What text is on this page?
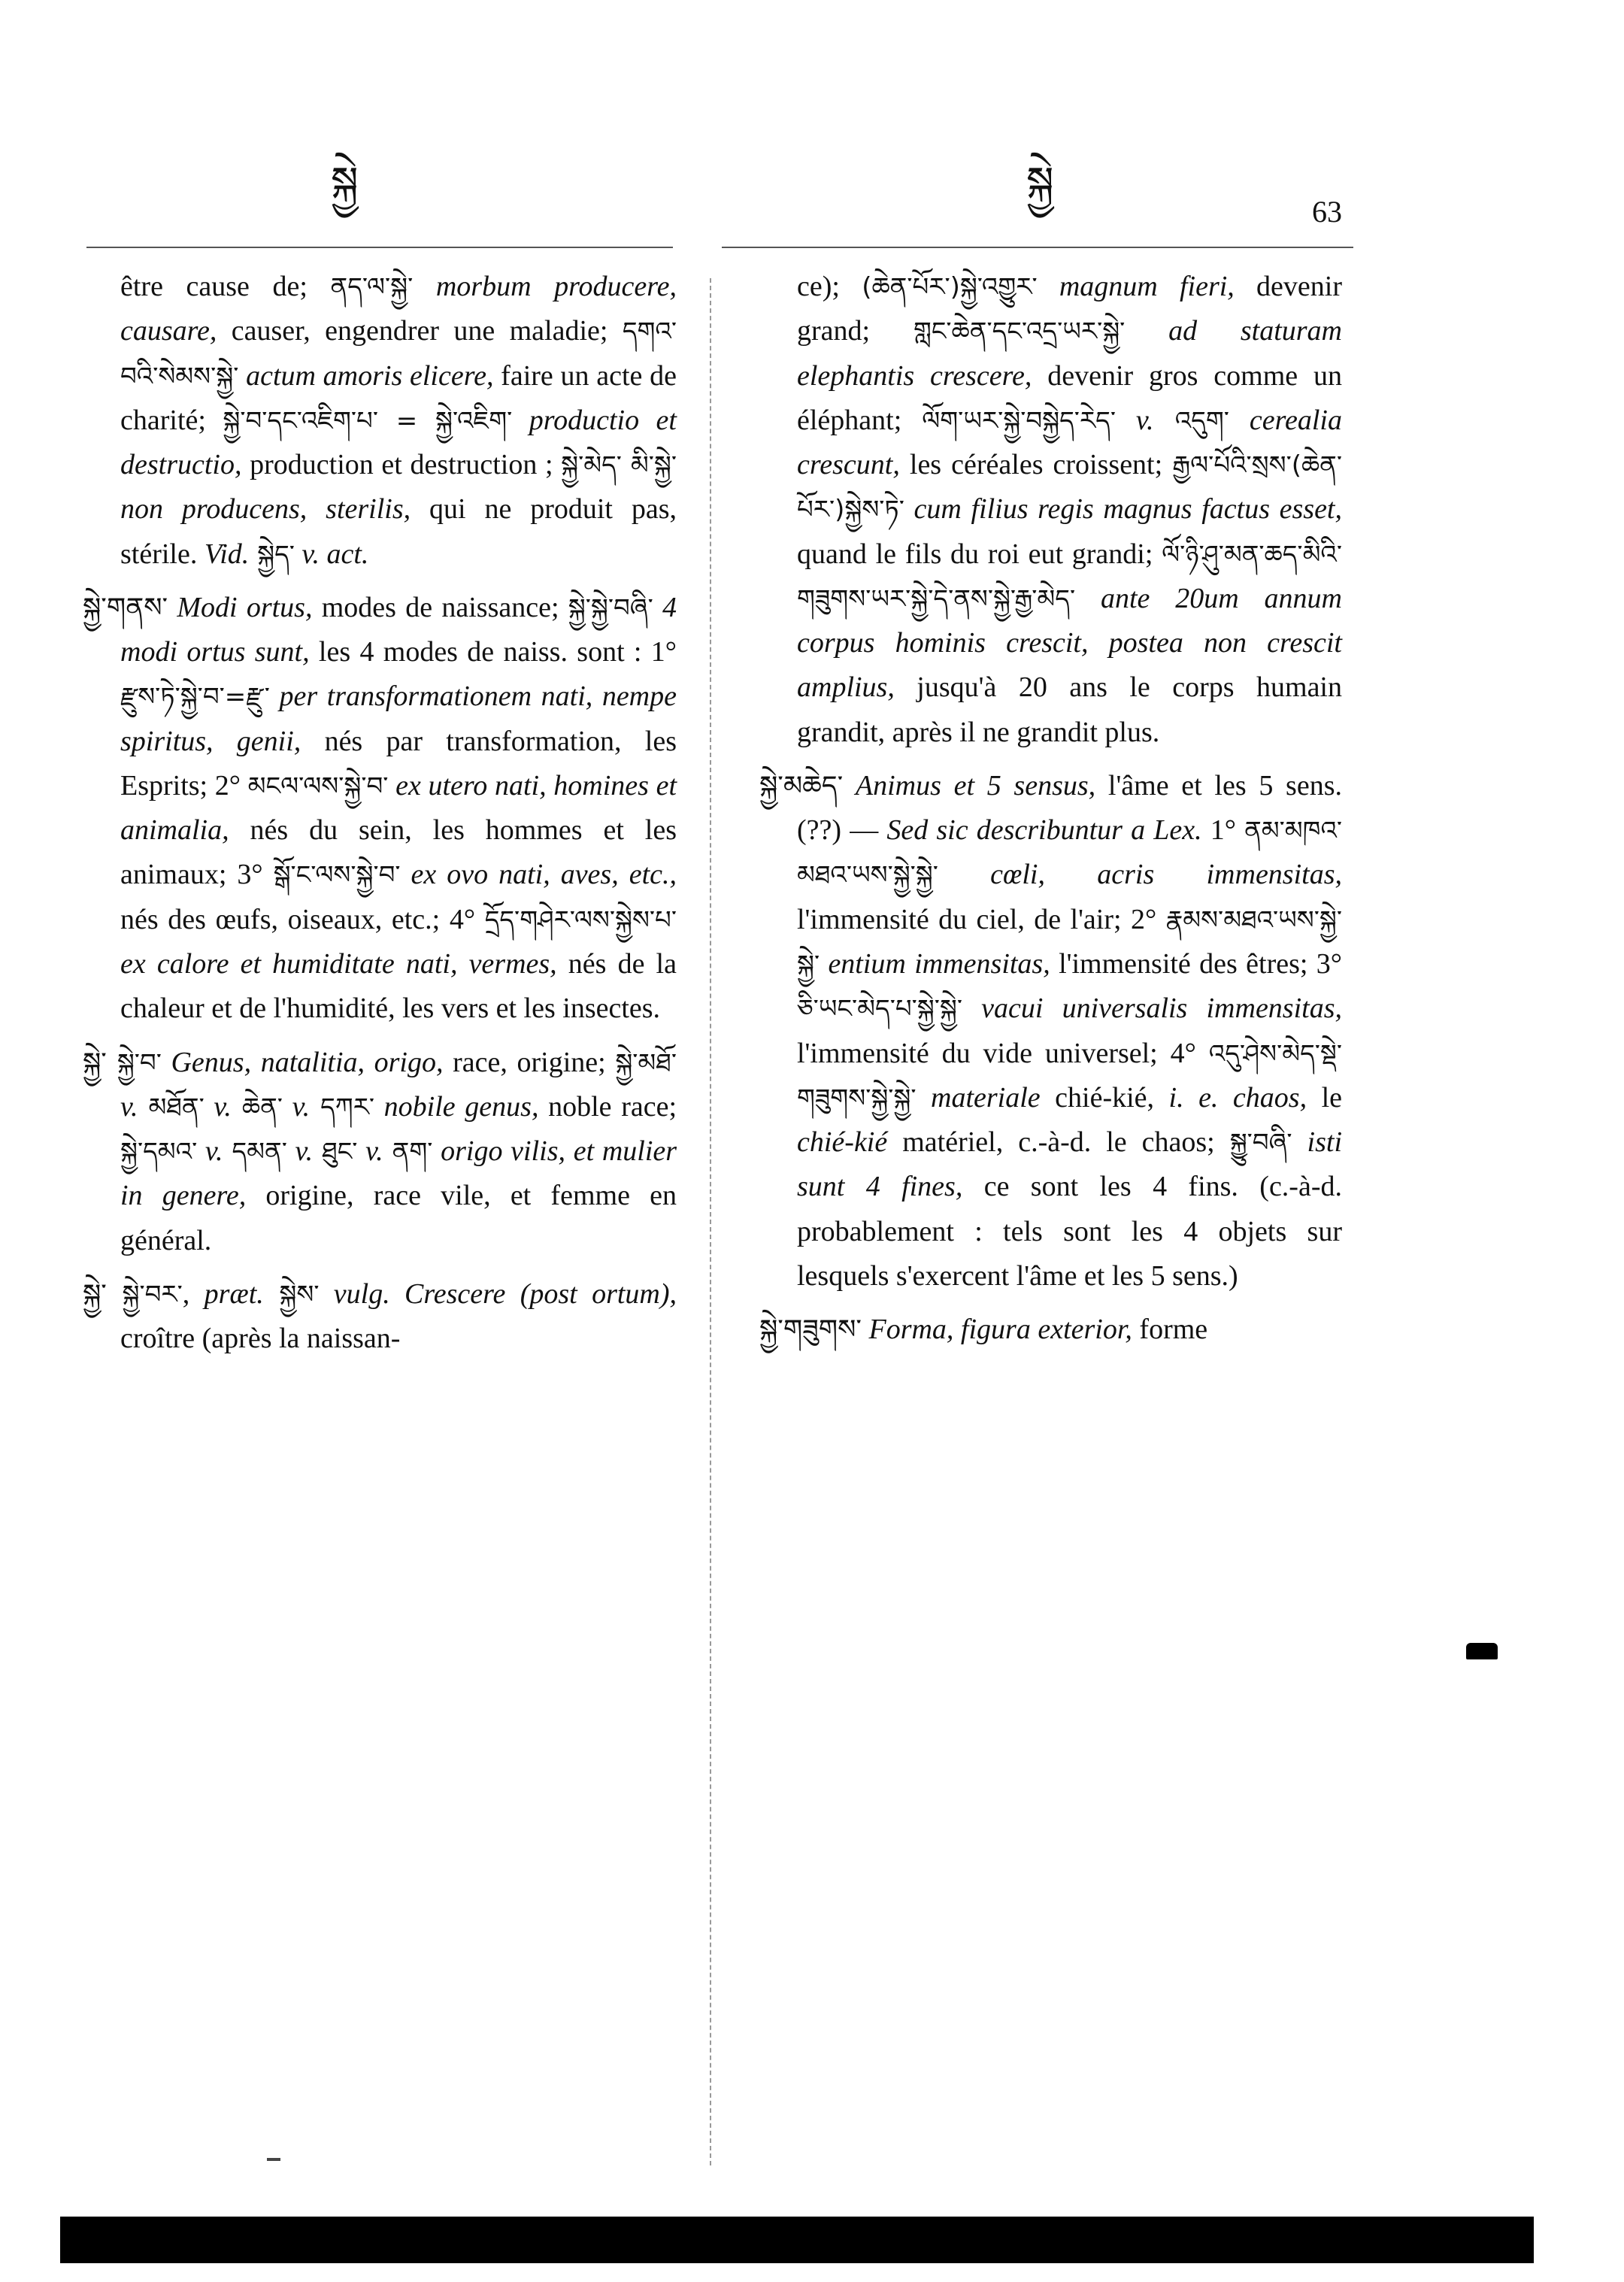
སྐྱེ	སྐྱེ
63

être cause de; ནད་ལ་སྐྱེ་ morbum producere, causare, causer, engendrer une maladie; དགའ་བའི་སེམས་སྐྱེ་ actum amoris elicere, faire un acte de charité; སྐྱེ་བ་དང་འཇིག་པ་ = སྐྱེ་འཇིག་ productio et destructio, production et destruction ; སྐྱེ་མེད་ མི་སྐྱེ་ non producens, sterilis, qui ne produit pas, stérile. Vid. སྐྱེད་ v. act.

སྐྱེ་གནས་ Modi ortus, modes de naissance; སྐྱེ་སྐྱེ་བཞི་ 4 modi ortus sunt, les 4 modes de naiss. sont : 1° རྫུས་ཏེ་སྐྱེ་བ་=རྫུ་ per transformationem nati, nempe spiritus, genii, nés par transformation, les Esprits; 2° མངལ་ལས་སྐྱེ་བ་ ex utero nati, homines et animalia, nés du sein, les hommes et les animaux; 3° སྒོ་ང་ལས་སྐྱེ་བ་ ex ovo nati, aves, etc., nés des œufs, oiseaux, etc.; 4° དྲོད་གཤེར་ལས་སྐྱེས་པ་ ex calore et humiditate nati, vermes, nés de la chaleur et de l'humidité, les vers et les insectes.

སྐྱེ་ སྐྱེ་བ་ Genus, natalitia, origo, race, origine; སྐྱེ་མཐོ་ v. མཐོན་ v. ཆེན་ v. དཀར་ nobile genus, noble race; སྐྱེ་དམའ་ v. དམན་ v. ཐུང་ v. ནག་ origo vilis, et mulier in genere, origine, race vile, et femme en général.

སྐྱེ་ སྐྱེ་བར་, præt. སྐྱེས་ vulg. Crescere (post ortum), croître (après la naissan-

ce); (ཆེན་པོར་)སྐྱེ་འགྱུར་ magnum fieri, devenir grand; གླང་ཆེན་དང་འདྲ་ཡར་སྐྱེ་ ad staturam elephantis crescere, devenir gros comme un éléphant; ལོག་ཡར་སྐྱེ་བསྐྱེད་རེད་ v. འདུག་ cerealia crescunt, les céréales croissent; རྒྱལ་པོའི་སྲས་(ཆེན་པོར་)སྐྱེས་ཏེ་ cum filius regis magnus factus esset, quand le fils du roi eut grandi; ལོ་ཉི་ཤུ་མན་ཆད་མིའི་གཟུགས་ཡར་སྐྱེ་དེ་ནས་སྐྱེ་རྒྱ་མེད་ ante 20um annum corpus hominis crescit, postea non crescit amplius, jusqu'à 20 ans le corps humain grandit, après il ne grandit plus.

སྐྱེ་མཆེད་ Animus et 5 sensus, l'âme et les 5 sens. (??) — Sed sic describuntur a Lex. 1° ནམ་མཁའ་མཐའ་ཡས་སྐྱེ་སྐྱེ་ cœli, acris immensitas, l'immensité du ciel, de l'air; 2° རྣམས་མཐའ་ཡས་སྐྱེ་སྐྱེ་ entium immensitas, l'immensité des êtres; 3° ཅི་ཡང་མེད་པ་སྐྱེ་སྐྱེ་ vacui universalis immensitas, l'immensité du vide universel; 4° འདུ་ཤེས་མེད་སྡེ་གཟུགས་སྐྱེ་སྐྱེ་ materiale chié-kié, i. e. chaos, le chié-kié matériel, c.-à-d. le chaos; སྐྱུ་བཞི་ isti sunt 4 fines, ce sont les 4 fins. (c.-à-d. probablement : tels sont les 4 objets sur lesquels s'exercent l'âme et les 5 sens.)

སྐྱེ་གཟུགས་ Forma, figura exterior, forme
